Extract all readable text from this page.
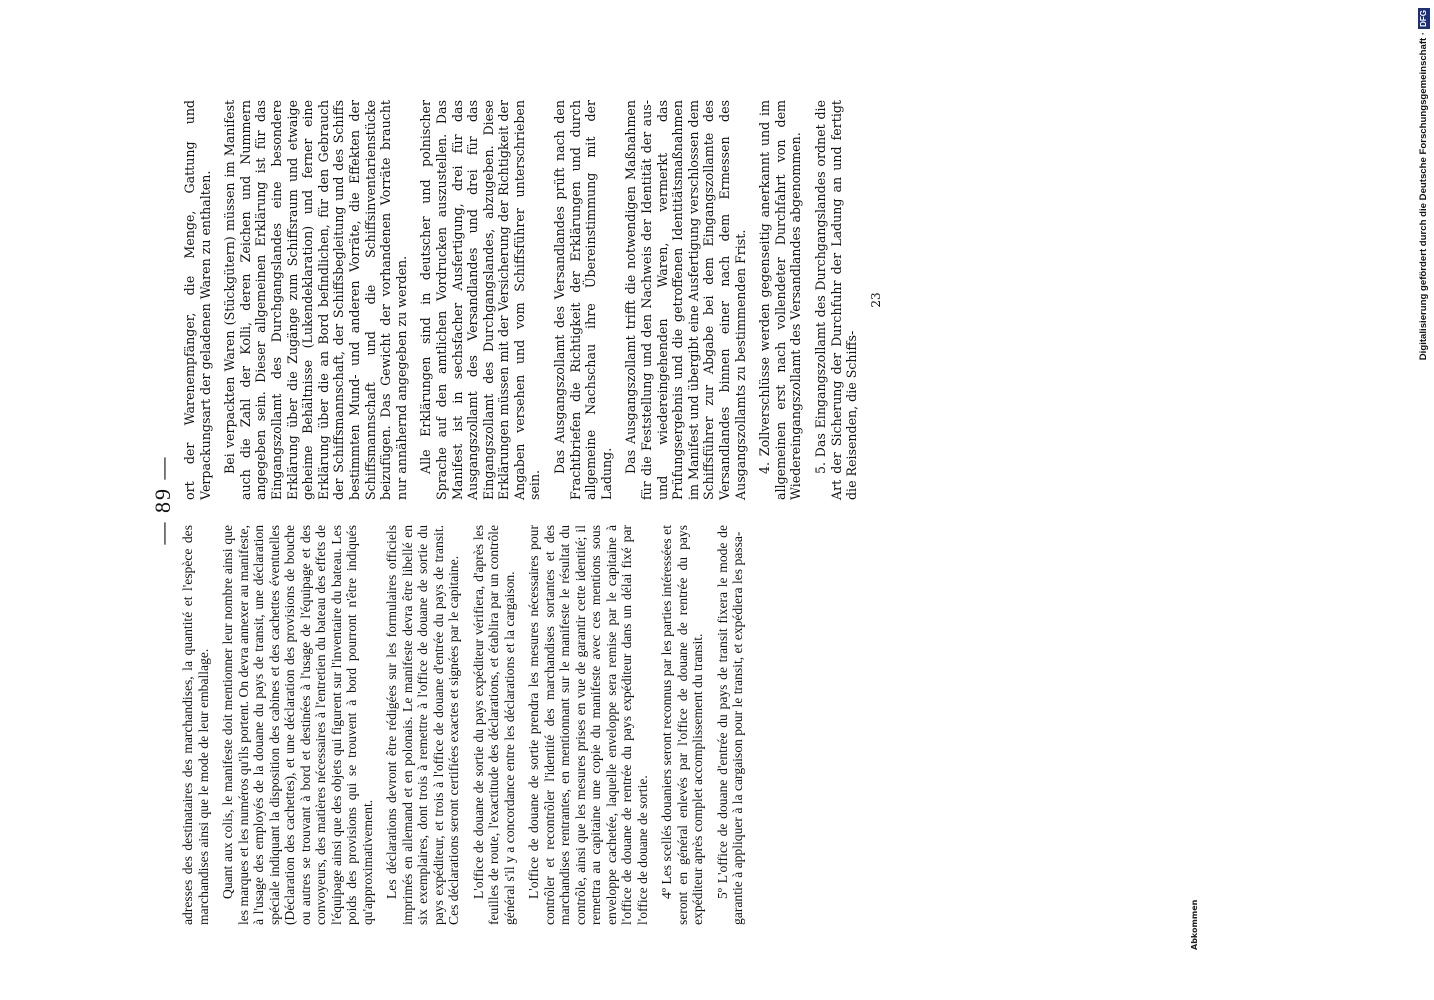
— 89 —

adresses des destinataires des marchandises, la quantité et l'espèce des marchandises ainsi que le mode de leur emballage. Quant aux colis, le manifeste doit mentionner leur nombre ainsi que les marques et les numéros qu'ils portent. On devra annexer au manifeste, à l'usage des employés de la douane du pays de transit, une déclaration spéciale indiquant la disposition des cabines et des cachettes éventuelles (Déclaration des cachettes), et une déclaration des provisions de bouche ou autres se trouvant à bord et destinées à l'usage de l'équipage et des convoyeurs, des matières nécessaires à l'entretien du bateau des effets de l'équipage ainsi que des objets qui figurent sur l'inventaire du bateau. Les poids des provisions qui se trouvent à bord pourront n'être indiqués qu'approximativement. Les déclarations devront être rédigées sur les formulaires officiels imprimés en allemand et en polonais. Le manifeste devra être libellé en six exemplaires, dont trois à remettre à l'office de douane de sortie du pays expéditeur, et trois à l'office de douane d'entrée du pays de transit. Ces déclarations seront certifiées exactes et signées par le capitaine. L'office de douane de sortie du pays expéditeur vérifiera, d'après les feuilles de route, l'exactitude des déclarations, et établira par un contrôle général s'il y a concordance entre les déclarations et la cargaison. L'office de douane de sortie prendra les mesures nécessaires pour contrôler et recontrôler l'identité des marchandises sortantes et des marchandises rentrantes, en mentionnant sur le manifeste le résultat du contrôle, ainsi que les mesures prises en vue de garantir cette identité; il remettra au capitaine une copie du manifeste avec ces mentions sous enveloppe cachetée, laquelle enveloppe sera remise par le capitaine à l'office de douane de rentrée du pays expéditeur dans un délai fixé par l'office de douane de sortie. 4º Les scellés douaniers seront reconnus par les parties intéressées et seront en général enlevés par l'office de douane de rentrée du pays expéditeur après complet accomplissement du transit. 5º L'office de douane d'entrée du pays de transit fixera le mode de garantie à appliquer à la cargaison pour le transit, et expédiera les passa-

ort der Warenempfänger, die Menge, Gattung und Verpackungsart der geladenen Waren zu enthalten. Bei verpackten Waren (Stückgütern) müssen im Manifest auch die Zahl der Kolli, deren Zeichen und Nummern angegeben sein. Dieser allgemeinen Erklärung ist für das Eingangszollamt des Durchgangslandes eine besondere Erklärung über die Zugänge zum Schiffsraum und etwaige geheime Behältnisse (Lukendeklaration) und ferner eine Erklärung über die an Bord befindlichen, für den Gebrauch der Schiffsmannschaft, der Schiffsbegleitung und des Schiffs bestimmten Mund- und anderen Vorräte, die Effekten der Schiffsmannschaft und die Schiffsinventarienstücke beizufügen. Das Gewicht der vorhandenen Vorräte braucht nur annähernd angegeben zu werden. Alle Erklärungen sind in deutscher und polnischer Sprache auf den amtlichen Vordrucken auszustellen. Das Manifest ist in sechsfacher Ausfertigung, drei für das Ausgangszollamt des Versandlandes und drei für das Eingangszollamt des Durchgangslandes, abzugeben. Diese Erklärungen müssen mit der Versicherung der Richtigkeit der Angaben versehen und vom Schiffsführer unterschrieben sein.

Das Ausgangszollamt des Versandlandes prüft nach den Frachtbriefen die Richtigkeit der Erklärungen und durch allgemeine Nachschau ihre Übereinstimmung mit der Ladung. Das Ausgangszollamt trifft die notwendigen Maßnahmen für die Feststellung und den Nachweis der Identität der aus- und wiedereingehenden Waren, vermerkt das Prüfungsergebnis und die getroffenen Identitätsmaßnahmen im Manifest und übergibt eine Ausfertigung verschlossen dem Schiffsführer zur Abgabe bei dem Eingangszollamte des Versandlandes binnen einer nach dem Ermessen des Ausgangszollamts zu bestimmenden Frist. 4. Zollverschlüsse werden gegenseitig anerkannt und im allgemeinen erst nach vollendeter Durchfahrt von dem Wiedereingangszollamt des Versandlandes abgenommen. 5. Das Eingangszollamt des Durchgangslandes ordnet die Art der Sicherung der Durchfuhr der Ladung an und fertigt die Reisenden, die Schiffs-

23
Abkommen
Digitalisierung gefördert durch die Deutsche Forschungsgemeinschaft ·
DFG
